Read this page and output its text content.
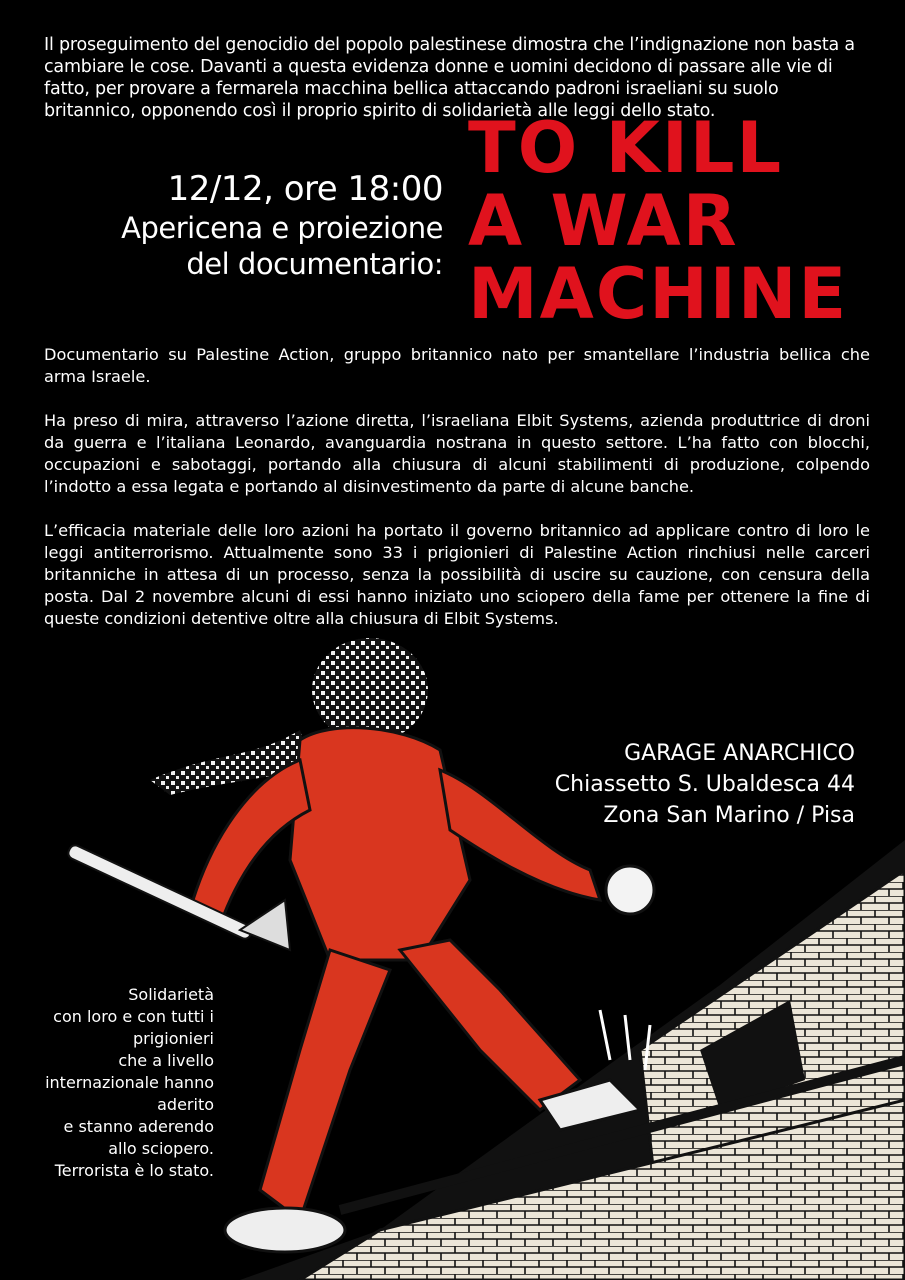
Il proseguimento del genocidio del popolo palestinese dimostra che l’indignazione non basta a cambiare le cose. Davanti a questa evidenza donne e uomini decidono di passare alle vie di fatto, per provare a fermarela macchina bellica attaccando padroni israeliani su suolo britannico, opponendo così il proprio spirito di solidarietà alle leggi dello stato.
12/12, ore 18:00
Apericena e proiezione
del documentario:
TO KILL
A WAR
MACHINE

Documentario su Palestine Action, gruppo britannico nato per smantellare l’industria bellica che arma Israele.

Ha preso di mira, attraverso l’azione diretta, l’israeliana Elbit Systems, azienda produttrice di droni da guerra e l’italiana Leonardo, avanguardia nostrana in questo settore. L’ha fatto con blocchi, occupazioni e sabotaggi, portando alla chiusura di alcuni stabilimenti di produzione, colpendo l’indotto a essa legata e portando al disinvestimento da parte di alcune banche.

L’efficacia materiale delle loro azioni ha portato il governo britannico ad applicare contro di loro le leggi antiterrorismo. Attualmente sono 33 i prigionieri di Palestine Action rinchiusi nelle carceri britanniche in attesa di un processo, senza la possibilità di uscire su cauzione, con censura della posta. Dal 2 novembre alcuni di essi hanno iniziato uno sciopero della fame per ottenere la fine di queste condizioni detentive oltre alla chiusura di Elbit Systems.

GARAGE ANARCHICO
Chiassetto S. Ubaldesca 44
Zona San Marino / Pisa
Solidarietà
con loro e con tutti i
prigionieri
che a livello
internazionale hanno
aderito
e stanno aderendo
allo sciopero.
Terrorista è lo stato.
